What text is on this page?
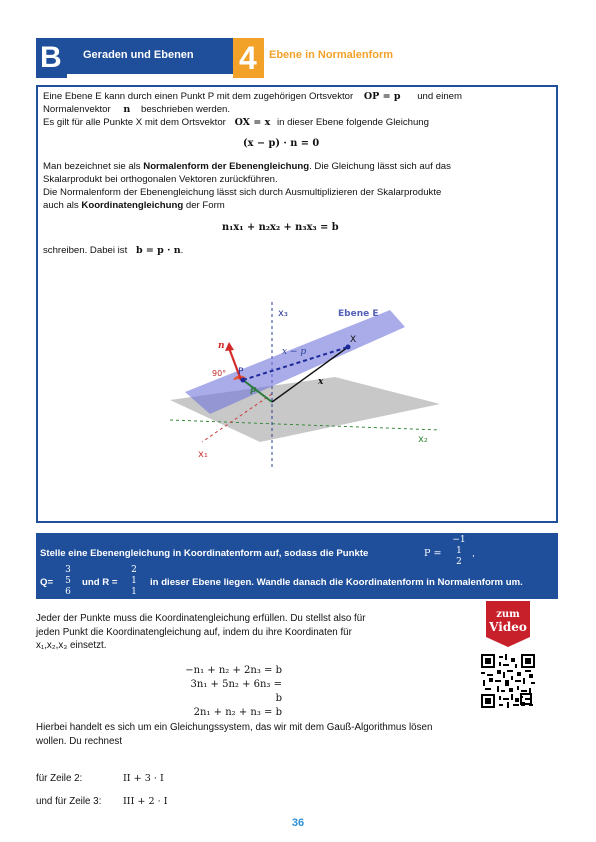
B Geraden und Ebenen 4 Ebene in Normalenform
Eine Ebene E kann durch einen Punkt P mit dem zugehörigen Ortsvektor OP = p und einem
Normalenvektor n beschrieben werden.
Es gilt für alle Punkte X mit dem Ortsvektor OX = x in dieser Ebene folgende Gleichung
(x − p) · n = 0
Man bezeichnet sie als Normalenform der Ebenengleichung. Die Gleichung lässt sich auf das
Skalarprodukt bei orthogonalen Vektoren zurückführen.
Die Normalenform der Ebenengleichung lässt sich durch Ausmultiplizieren der Skalarprodukte
auch als Koordinatengleichung der Form
n₁x₁ + n₂x₂ + n₃x₃ = b
schreiben. Dabei ist b = p · n.
x₃	Ebene E
x₂
x₁
n
P
X
x − p
p
x
90°
Stelle eine Ebenengleichung in Koordinatenform auf, sodass die Punkte	P =
−1
1
2
,
Q=
3
5
6
und R =
2
1
1
in dieser Ebene liegen. Wandle danach die Koordinatenform in Normalenform um.
Jeder der Punkte muss die Koordinatengleichung erfüllen. Du stellst also für
jeden Punkt die Koordinatengleichung auf, indem du ihre Koordinaten für
x₁,x₂,x₃ einsetzt.
−n₁ + n₂ + 2n₃ = b
3n₁ + 5n₂ + 6n₃ = b
2n₁ + n₂ + n₃ = b
Hierbei handelt es sich um ein Gleichungssystem, das wir mit dem Gauß-Algorithmus lösen
wollen. Du rechnest
für Zeile 2:	II + 3 · I
und für Zeile 3: III + 2 · I
zum
Video
36
